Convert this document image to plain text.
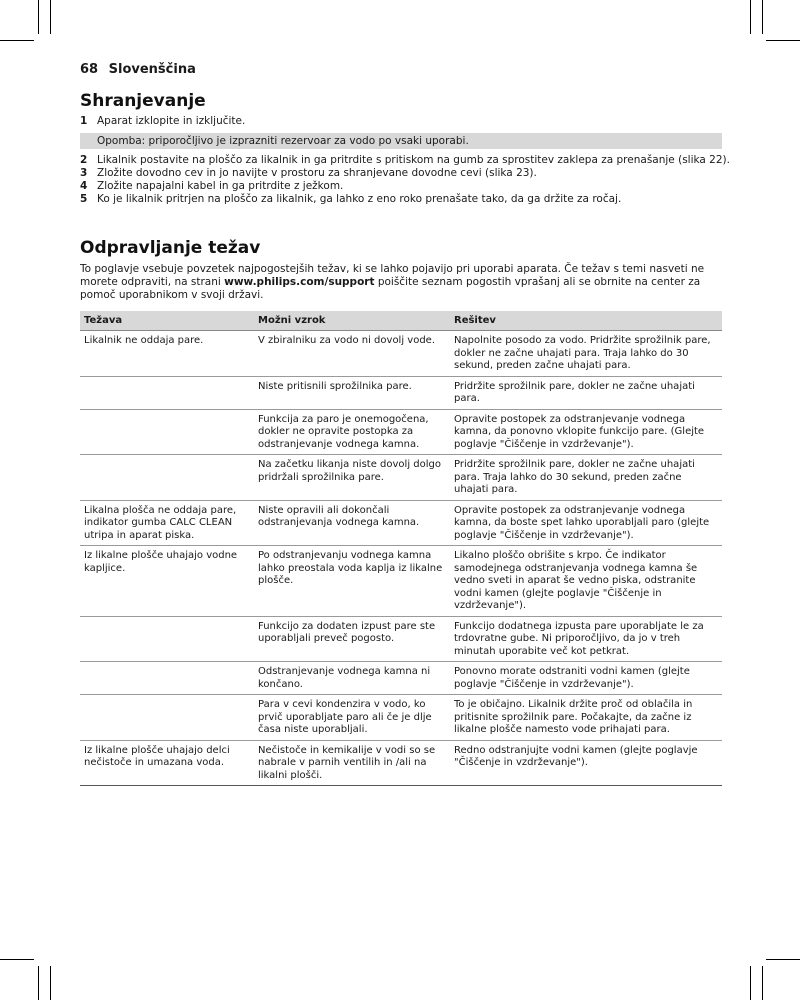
68 Slovenščina
Shranjevanje
1 Aparat izklopite in izključite.
Opomba: priporočljivo je izprazniti rezervoar za vodo po vsaki uporabi.
2 Likalnik postavite na ploščo za likalnik in ga pritrdite s pritiskom na gumb za sprostitev zaklepa za prenašanje (slika 22).
3 Zložite dovodno cev in jo navijte v prostoru za shranjevane dovodne cevi (slika 23).
4 Zložite napajalni kabel in ga pritrdite z ježkom.
5 Ko je likalnik pritrjen na ploščo za likalnik, ga lahko z eno roko prenašate tako, da ga držite za ročaj.
Odpravljanje težav
To poglavje vsebuje povzetek najpogostejših težav, ki se lahko pojavijo pri uporabi aparata. Če težav s temi nasveti ne morete odpraviti, na strani www.philips.com/support poiščite seznam pogostih vprašanj ali se obrnite na center za pomoč uporabnikom v svoji državi.
Težava	Možni vzrok	Rešitev
Likalnik ne oddaja pare.	V zbiralniku za vodo ni dovolj vode.	Napolnite posodo za vodo. Pridržite sprožilnik pare, dokler ne začne uhajati para. Traja lahko do 30 sekund, preden začne uhajati para.
	Niste pritisnili sprožilnika pare.	Pridržite sprožilnik pare, dokler ne začne uhajati para.
	Funkcija za paro je onemogočena, dokler ne opravite postopka za odstranjevanje vodnega kamna.	Opravite postopek za odstranjevanje vodnega kamna, da ponovno vklopite funkcijo pare. (Glejte poglavje "Čiščenje in vzdrževanje").
	Na začetku likanja niste dovolj dolgo pridržali sprožilnika pare.	Pridržite sprožilnik pare, dokler ne začne uhajati para. Traja lahko do 30 sekund, preden začne uhajati para.
Likalna plošča ne oddaja pare, indikator gumba CALC CLEAN utripa in aparat piska.	Niste opravili ali dokončali odstranjevanja vodnega kamna.	Opravite postopek za odstranjevanje vodnega kamna, da boste spet lahko uporabljali paro (glejte poglavje "Čiščenje in vzdrževanje").
Iz likalne plošče uhajajo vodne kapljice.	Po odstranjevanju vodnega kamna lahko preostala voda kaplja iz likalne plošče.	Likalno ploščo obrišite s krpo. Če indikator samodejnega odstranjevanja vodnega kamna še vedno sveti in aparat še vedno piska, odstranite vodni kamen (glejte poglavje "Čiščenje in vzdrževanje").
	Funkcijo za dodaten izpust pare ste uporabljali preveč pogosto.	Funkcijo dodatnega izpusta pare uporabljate le za trdovratne gube. Ni priporočljivo, da jo v treh minutah uporabite več kot petkrat.
	Odstranjevanje vodnega kamna ni končano.	Ponovno morate odstraniti vodni kamen (glejte poglavje "Čiščenje in vzdrževanje").
	Para v cevi kondenzira v vodo, ko prvič uporabljate paro ali če je dlje časa niste uporabljali.	To je običajno. Likalnik držite proč od oblačila in pritisnite sprožilnik pare. Počakajte, da začne iz likalne plošče namesto vode prihajati para.
Iz likalne plošče uhajajo delci nečistoče in umazana voda.	Nečistoče in kemikalije v vodi so se nabrale v parnih ventilih in /ali na likalni plošči.	Redno odstranjujte vodni kamen (glejte poglavje "Čiščenje in vzdrževanje").
